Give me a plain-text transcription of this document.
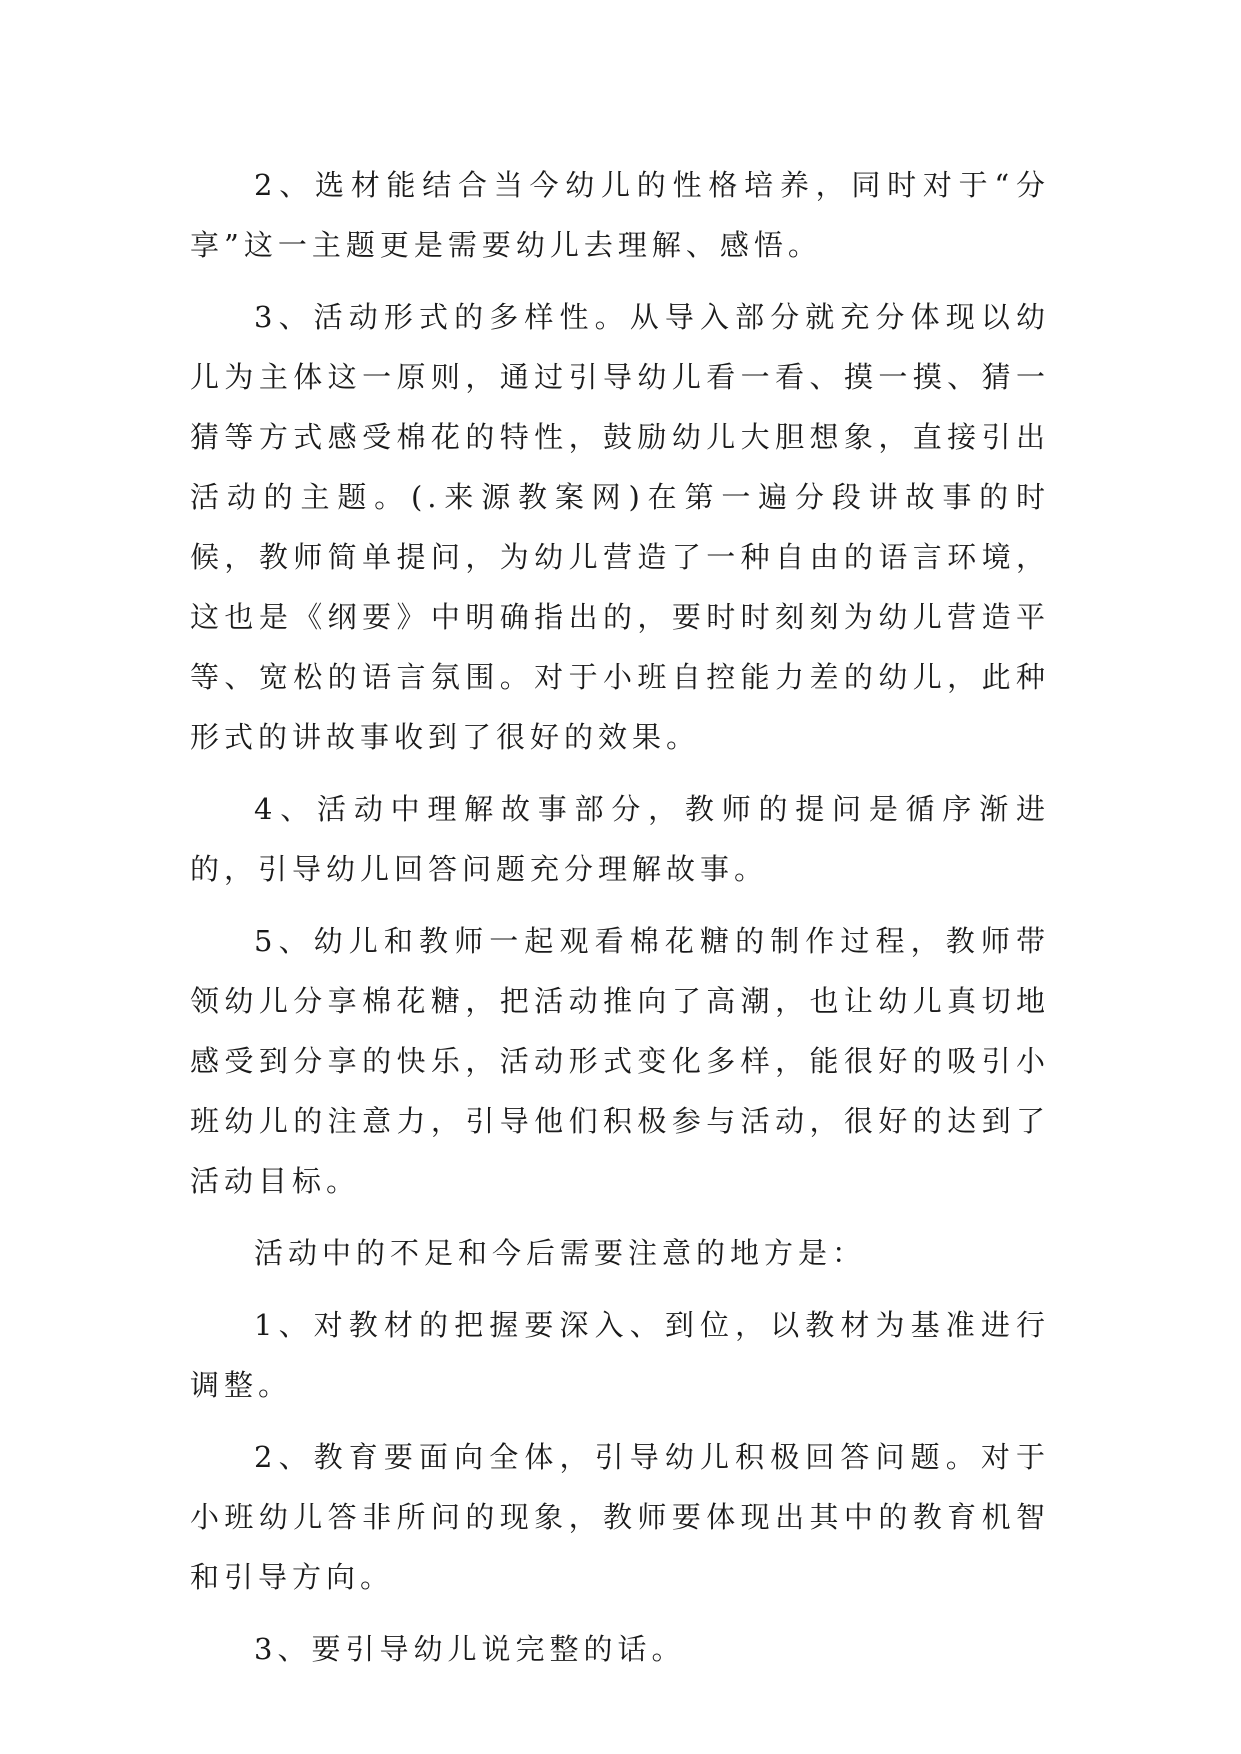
2、选材能结合当今幼儿的性格培养，同时对于“分享”这一主题更是需要幼儿去理解、感悟。

3、活动形式的多样性。从导入部分就充分体现以幼儿为主体这一原则，通过引导幼儿看一看、摸一摸、猜一猜等方式感受棉花的特性，鼓励幼儿大胆想象，直接引出活动的主题。(.来源教案网)在第一遍分段讲故事的时候，教师简单提问，为幼儿营造了一种自由的语言环境，这也是《纲要》中明确指出的，要时时刻刻为幼儿营造平等、宽松的语言氛围。对于小班自控能力差的幼儿，此种形式的讲故事收到了很好的效果。

4、活动中理解故事部分，教师的提问是循序渐进的，引导幼儿回答问题充分理解故事。

5、幼儿和教师一起观看棉花糖的制作过程，教师带领幼儿分享棉花糖，把活动推向了高潮，也让幼儿真切地感受到分享的快乐，活动形式变化多样，能很好的吸引小班幼儿的注意力，引导他们积极参与活动，很好的达到了活动目标。

活动中的不足和今后需要注意的地方是：

1、对教材的把握要深入、到位，以教材为基准进行调整。

2、教育要面向全体，引导幼儿积极回答问题。对于小班幼儿答非所问的现象，教师要体现出其中的教育机智和引导方向。

3、要引导幼儿说完整的话。
